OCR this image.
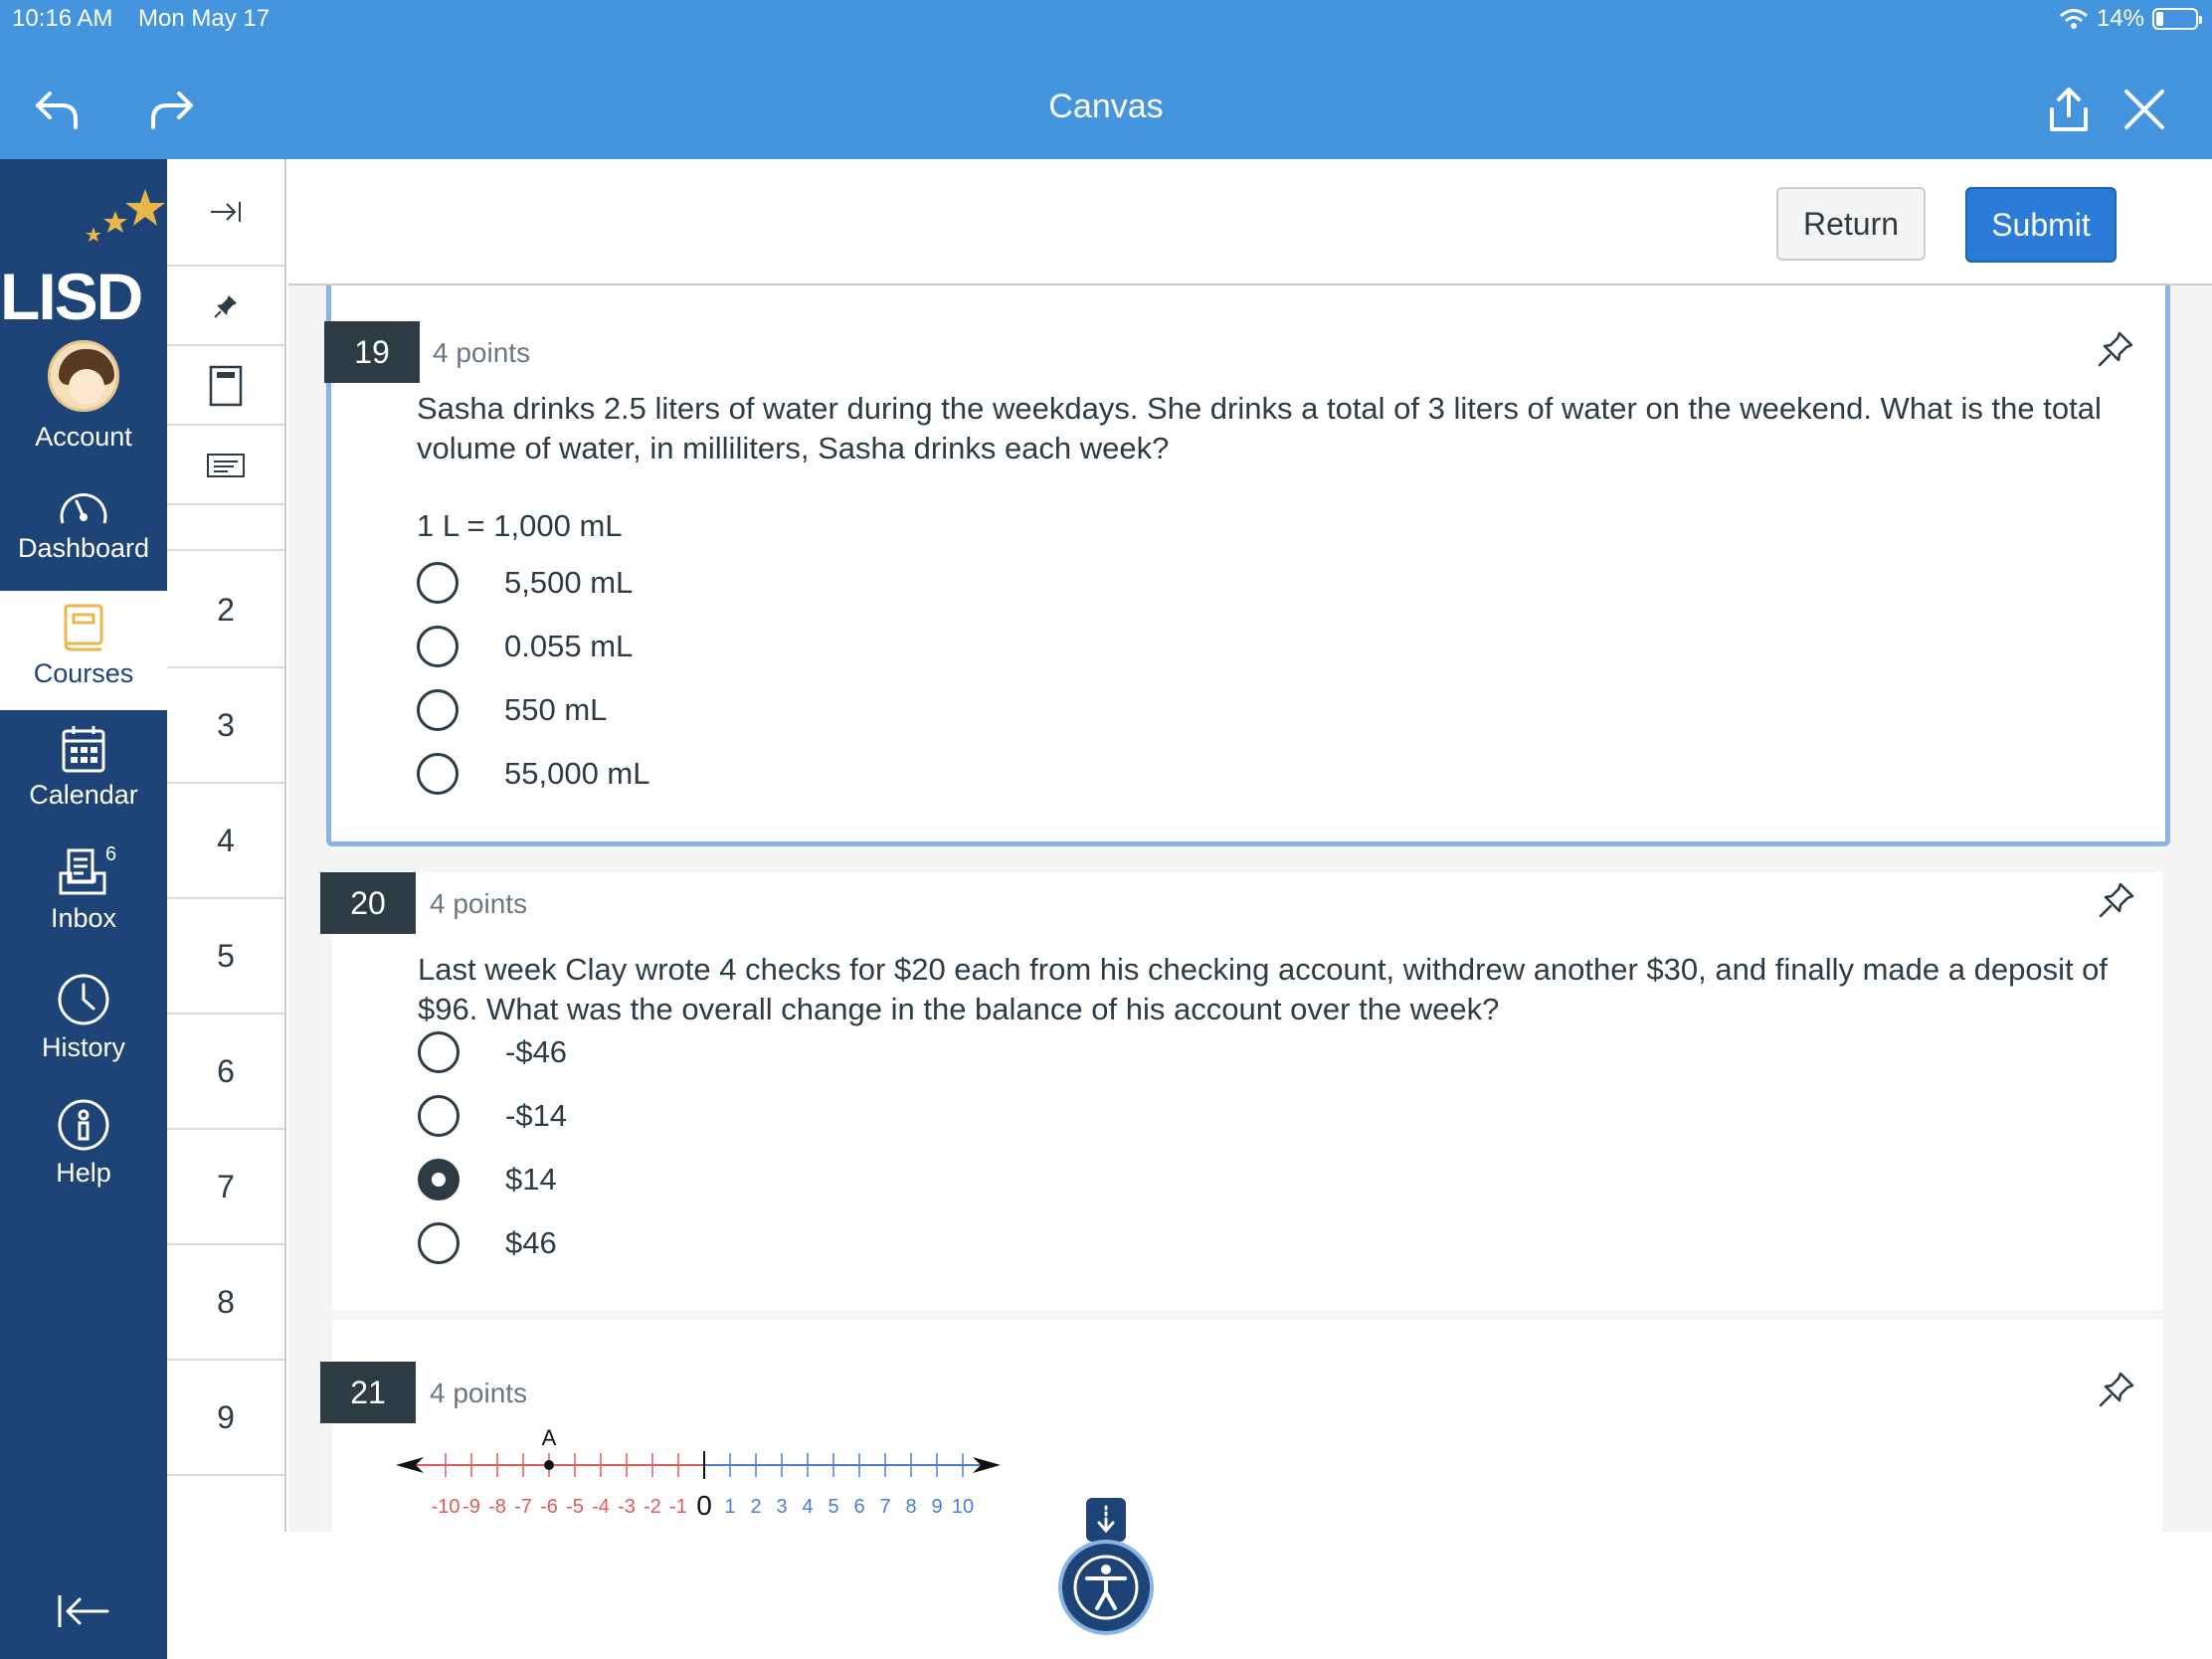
10:16 AM Mon May 17	14%
Canvas
LISD
Account
Dashboard
Courses
Calendar
6
Inbox
History
Help
2
3
4
5
6
7
8
9
Return	Submit
19	4 points
Sasha drinks 2.5 liters of water during the weekdays. She drinks a total of 3 liters of water on the weekend. What is the total volume of water, in milliliters, Sasha drinks each week?
1 L = 1,000 mL
5,500 mL
0.055 mL
550 mL
55,000 mL
20	4 points
Last week Clay wrote 4 checks for $20 each from his checking account, withdrew another $30, and finally made a deposit of $96. What was the overall change in the balance of his account over the week?
-$46
-$14
$14
$46
21	4 points
-10 -9 -8 -7 -6 -5 -4 -3 -2 -1 0 1 2 3 4 5 6 7 8 9 10
A
